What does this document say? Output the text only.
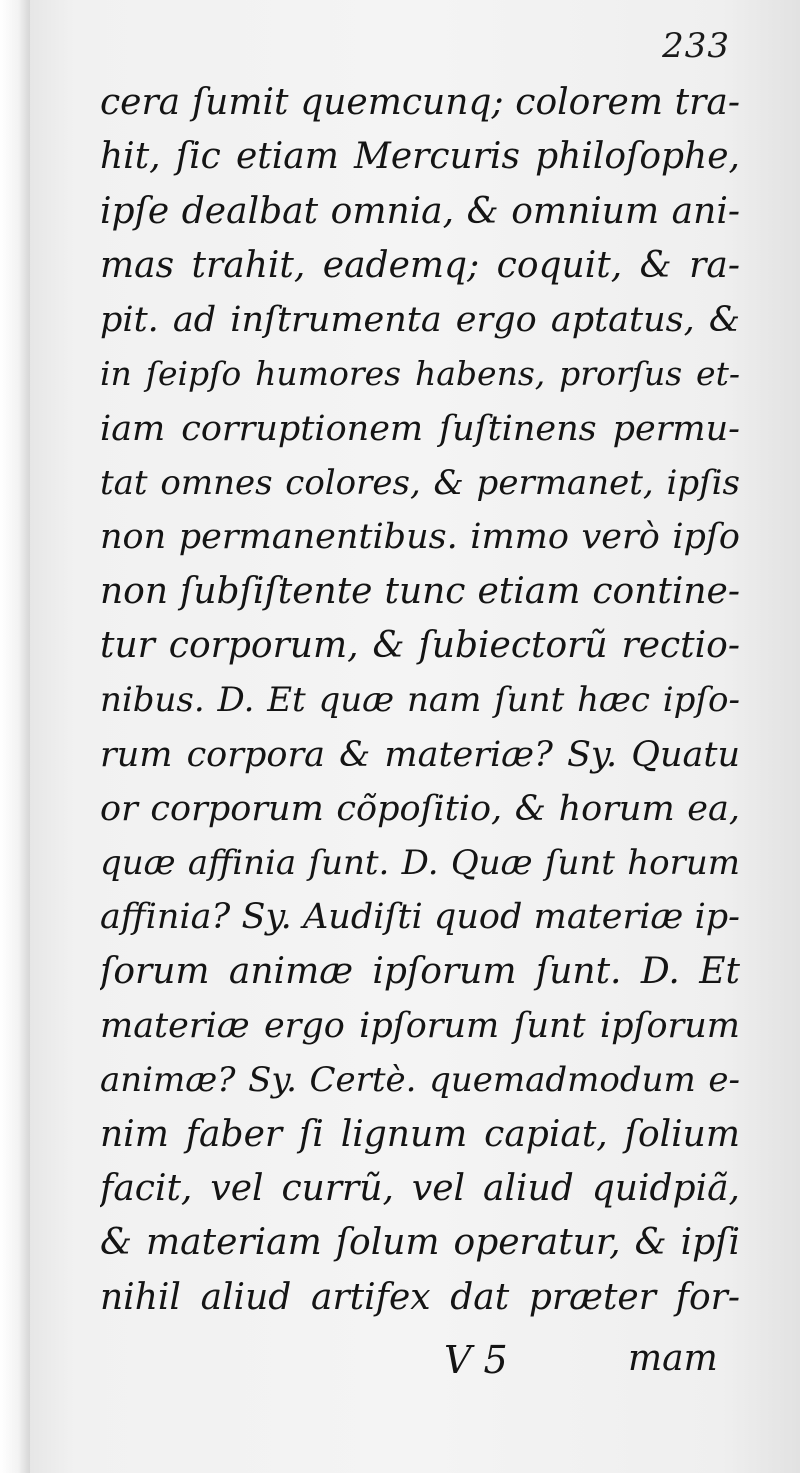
233
cera ſumit quemcunq; colorem tra-
hit, ſic etiam Mercuris philoſophe,
ipſe dealbat omnia, & omnium ani-
mas trahit, eademq; coquit, & ra-
pit. ad inſtrumenta ergo aptatus, &
in ſeipſo humores habens, prorſus et-
iam corruptionem ſuſtinens permu-
tat omnes colores, & permanet, ipſis
non permanentibus. immo verò ipſo
non ſubſiſtente tunc etiam contine-
tur corporum, & ſubiectorũ rectio-
nibus. D. Et quæ nam ſunt hæc ipſo-
rum corpora & materiæ? Sy. Quatu
or corporum cõpoſitio, & horum ea,
quæ affinia ſunt. D. Quæ ſunt horum
affinia? Sy. Audiſti quod materiæ ip-
ſorum animæ ipſorum ſunt. D. Et
materiæ ergo ipſorum ſunt ipſorum
animæ? Sy. Certè. quemadmodum e-
nim faber ſi lignum capiat, ſolium
facit, vel currũ, vel aliud quidpiã,
& materiam ſolum operatur, & ipſi
nihil aliud artifex dat præter for-
V 5	mam
